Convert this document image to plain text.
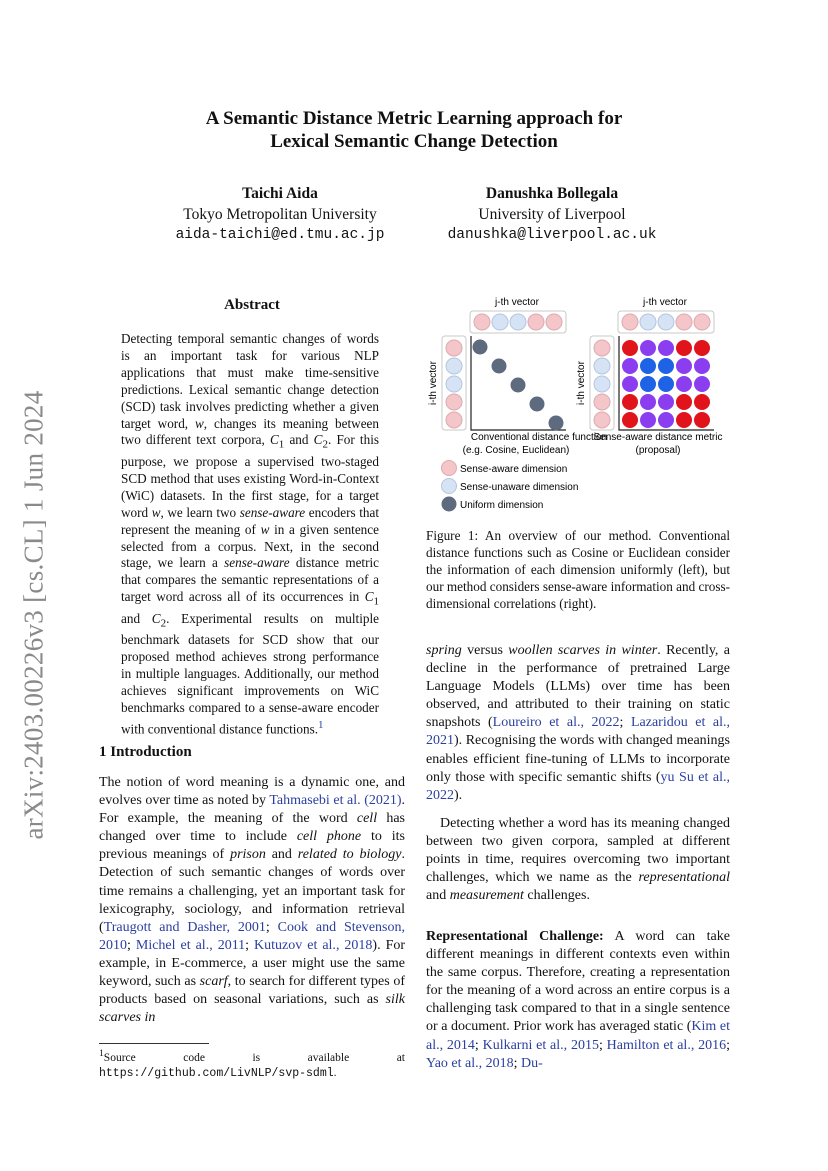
arXiv:2403.00226v3 [cs.CL] 1 Jun 2024
A Semantic Distance Metric Learning approach for
Lexical Semantic Change Detection
Taichi Aida
Tokyo Metropolitan University
aida-taichi@ed.tmu.ac.jp
Danushka Bollegala
University of Liverpool
danushka@liverpool.ac.uk
Abstract
Detecting temporal semantic changes of words is an important task for various NLP applications that must make time-sensitive predictions. Lexical semantic change detection (SCD) task involves predicting whether a given target word, w, changes its meaning between two different text corpora, $C_1$ and $C_2$. For this purpose, we propose a supervised two-staged SCD method that uses existing Word-in-Context (WiC) datasets. In the first stage, for a target word w, we learn two sense-aware encoders that represent the meaning of w in a given sentence selected from a corpus. Next, in the second stage, we learn a sense-aware distance metric that compares the semantic representations of a target word across all of its occurrences in $C_1$ and $C_2$. Experimental results on multiple benchmark datasets for SCD show that our proposed method achieves strong performance in multiple languages. Additionally, our method achieves significant improvements on WiC benchmarks compared to a sense-aware encoder with conventional distance functions.$^1$
1 Introduction
The notion of word meaning is a dynamic one, and evolves over time as noted by Tahmasebi et al. (2021). For example, the meaning of the word cell has changed over time to include cell phone to its previous meanings of prison and related to biology. Detection of such semantic changes of words over time remains a challenging, yet an important task for lexicography, sociology, and information retrieval (Traugott and Dasher, 2001; Cook and Stevenson, 2010; Michel et al., 2011; Kutuzov et al., 2018). For example, in E-commerce, a user might use the same keyword, such as scarf, to search for different types of products based on seasonal variations, such as silk scarves in
$^1$Source code is available at https://github.com/LivNLP/svp-sdml.
j-th vector
i-th vector
Conventional distance function
(e.g. Cosine, Euclidean)
j-th vector
i-th vector
Sense-aware distance metric
(proposal)
Sense-aware dimension
Sense-unaware dimension
Uniform dimension
Figure 1: An overview of our method. Conventional distance functions such as Cosine or Euclidean consider the information of each dimension uniformly (left), but our method considers sense-aware information and cross-dimensional correlations (right).
spring versus woollen scarves in winter. Recently, a decline in the performance of pretrained Large Language Models (LLMs) over time has been observed, and attributed to their training on static snapshots (Loureiro et al., 2022; Lazaridou et al., 2021). Recognising the words with changed meanings enables efficient fine-tuning of LLMs to incorporate only those with specific semantic shifts (yu Su et al., 2022).
Detecting whether a word has its meaning changed between two given corpora, sampled at different points in time, requires overcoming two important challenges, which we name as the representational and measurement challenges.
Representational Challenge: A word can take different meanings in different contexts even within the same corpus. Therefore, creating a representation for the meaning of a word across an entire corpus is a challenging task compared to that in a single sentence or a document. Prior work has averaged static (Kim et al., 2014; Kulkarni et al., 2015; Hamilton et al., 2016; Yao et al., 2018; Du-
